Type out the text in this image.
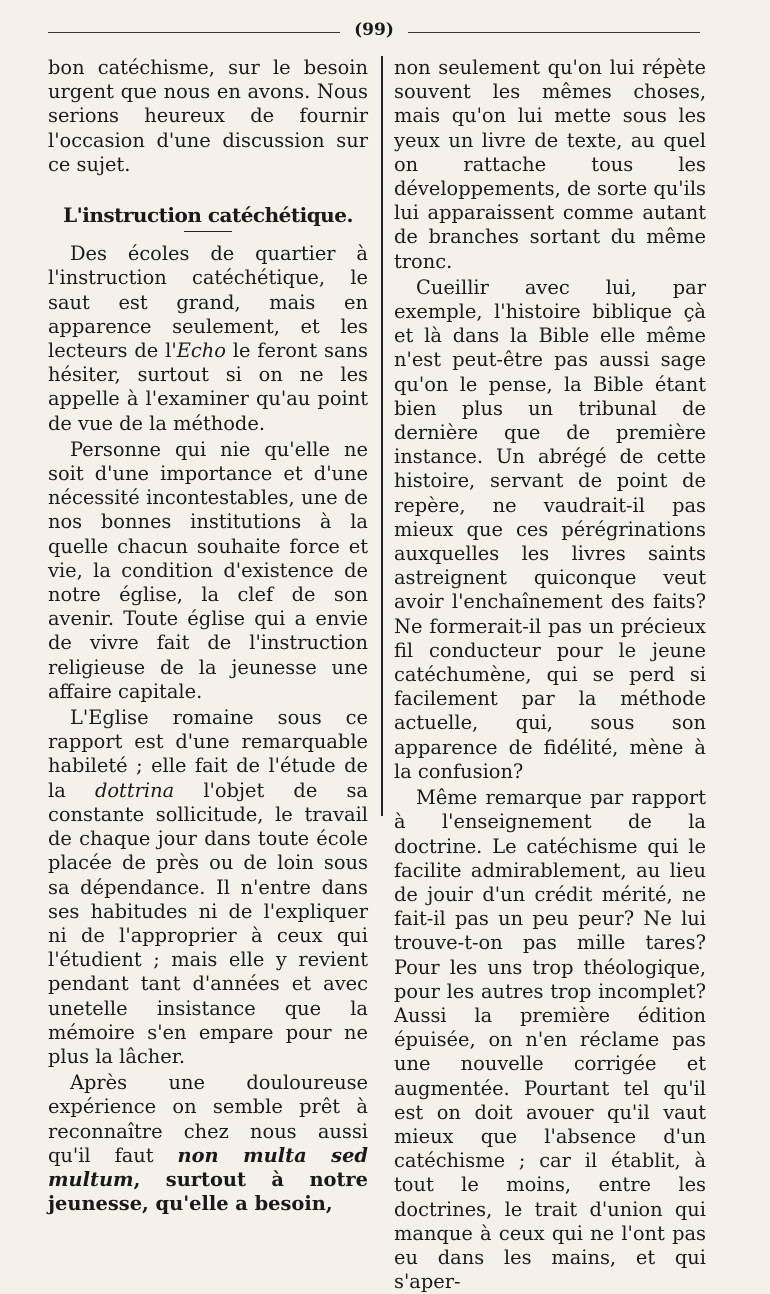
(99)

bon catéchisme, sur le besoin urgent que nous en avons. Nous serions heureux de fournir l'occasion d'une discussion sur ce sujet.

L'instruction catéchétique.

Des écoles de quartier à l'instruction catéchétique, le saut est grand, mais en apparence seulement, et les lecteurs de l'Echo le feront sans hésiter, surtout si on ne les appelle à l'examiner qu'au point de vue de la méthode.

Personne qui nie qu'elle ne soit d'une importance et d'une nécessité incontestables, une de nos bonnes institutions à la quelle chacun souhaite force et vie, la condition d'existence de notre église, la clef de son avenir. Toute église qui a envie de vivre fait de l'instruction religieuse de la jeunesse une affaire capitale.

L'Eglise romaine sous ce rapport est d'une remarquable habileté ; elle fait de l'étude de la dottrina l'objet de sa constante sollicitude, le travail de chaque jour dans toute école placée de près ou de loin sous sa dépendance. Il n'entre dans ses habitudes ni de l'expliquer ni de l'approprier à ceux qui l'étudient ; mais elle y revient pendant tant d'années et avec unetelle insistance que la mémoire s'en empare pour ne plus la lâcher.

Après une douloureuse expérience on semble prêt à reconnaître chez nous aussi qu'il faut non multa sed multum, surtout à notre jeunesse, qu'elle a besoin,

non seulement qu'on lui répète souvent les mêmes choses, mais qu'on lui mette sous les yeux un livre de texte, au quel on rattache tous les développements, de sorte qu'ils lui apparaissent comme autant de branches sortant du même tronc.

Cueillir avec lui, par exemple, l'histoire biblique çà et là dans la Bible elle même n'est peut-être pas aussi sage qu'on le pense, la Bible étant bien plus un tribunal de dernière que de première instance. Un abrégé de cette histoire, servant de point de repère, ne vaudrait-il pas mieux que ces pérégrinations auxquelles les livres saints astreignent quiconque veut avoir l'enchaînement des faits? Ne formerait-il pas un précieux fil conducteur pour le jeune catéchumène, qui se perd si facilement par la méthode actuelle, qui, sous son apparence de fidélité, mène à la confusion?

Même remarque par rapport à l'enseignement de la doctrine. Le catéchisme qui le facilite admirablement, au lieu de jouir d'un crédit mérité, ne fait-il pas un peu peur? Ne lui trouve-t-on pas mille tares? Pour les uns trop théologique, pour les autres trop incomplet? Aussi la première édition épuisée, on n'en réclame pas une nouvelle corrigée et augmentée. Pourtant tel qu'il est on doit avouer qu'il vaut mieux que l'absence d'un catéchisme ; car il établit, à tout le moins, entre les doctrines, le trait d'union qui manque à ceux qui ne l'ont pas eu dans les mains, et qui s'aper-
